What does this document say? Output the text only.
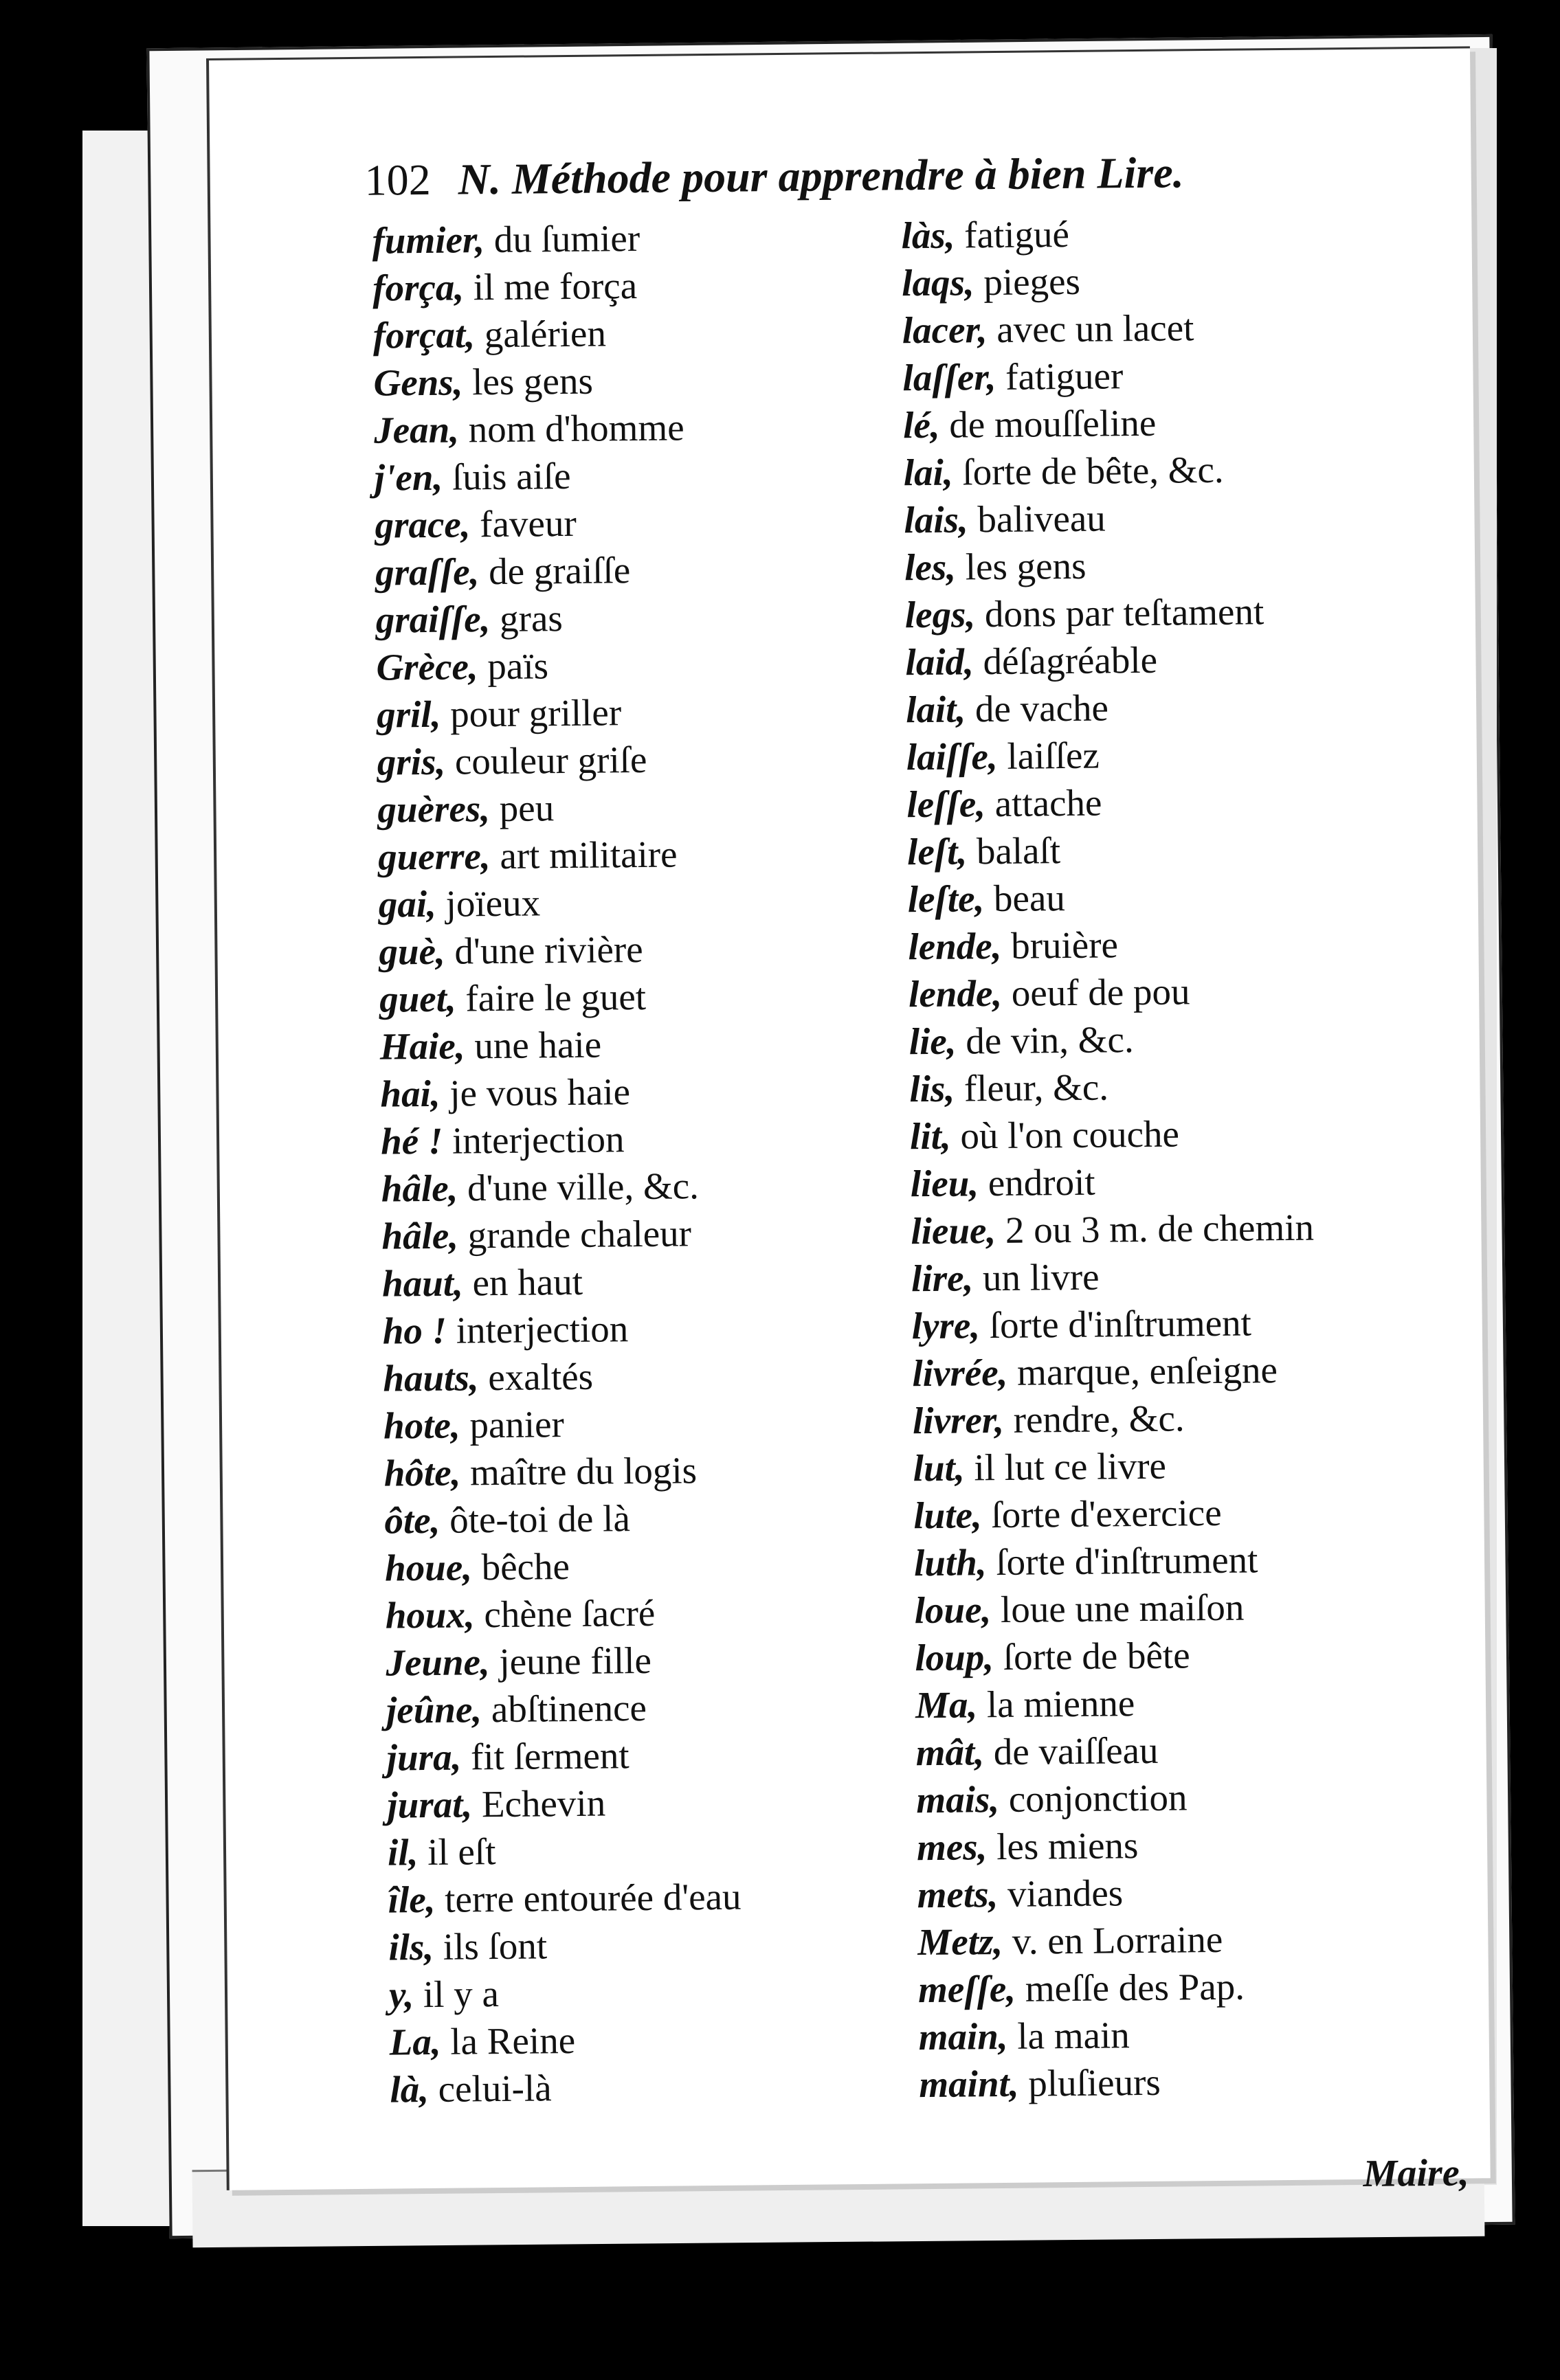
102 N. Méthode pour apprendre à bien Lire.
fumier, du ſumier
força, il me força
forçat, galérien
Gens, les gens
Jean, nom d'homme
j'en, ſuis aiſe
grace, faveur
graſſe, de graiſſe
graiſſe, gras
Grèce, païs
gril, pour griller
gris, couleur griſe
guères, peu
guerre, art militaire
gai, joïeux
guè, d'une rivière
guet, faire le guet
Haie, une haie
hai, je vous haie
hé ! interjection
hâle, d'une ville, &c.
hâle, grande chaleur
haut, en haut
ho ! interjection
hauts, exaltés
hote, panier
hôte, maître du logis
ôte, ôte-toi de là
houe, bêche
houx, chène ſacré
Jeune, jeune fille
jeûne, abſtinence
jura, fit ſerment
jurat, Echevin
il, il eſt
île, terre entourée d'eau
ils, ils ſont
y, il y a
La, la Reine
là, celui-là
làs, fatigué
laqs, pieges
lacer, avec un lacet
laſſer, fatiguer
lé, de mouſſeline
lai, ſorte de bête, &c.
lais, baliveau
les, les gens
legs, dons par teſtament
laid, déſagréable
lait, de vache
laiſſe, laiſſez
leſſe, attache
leſt, balaſt
leſte, beau
lende, bruière
lende, oeuf de pou
lie, de vin, &c.
lis, fleur, &c.
lit, où l'on couche
lieu, endroit
lieue, 2 ou 3 m. de chemin
lire, un livre
lyre, ſorte d'inſtrument
livrée, marque, enſeigne
livrer, rendre, &c.
lut, il lut ce livre
lute, ſorte d'exercice
luth, ſorte d'inſtrument
loue, loue une maiſon
loup, ſorte de bête
Ma, la mienne
mât, de vaiſſeau
mais, conjonction
mes, les miens
mets, viandes
Metz, v. en Lorraine
meſſe, meſſe des Pap.
main, la main
maint, pluſieurs
Maire,
